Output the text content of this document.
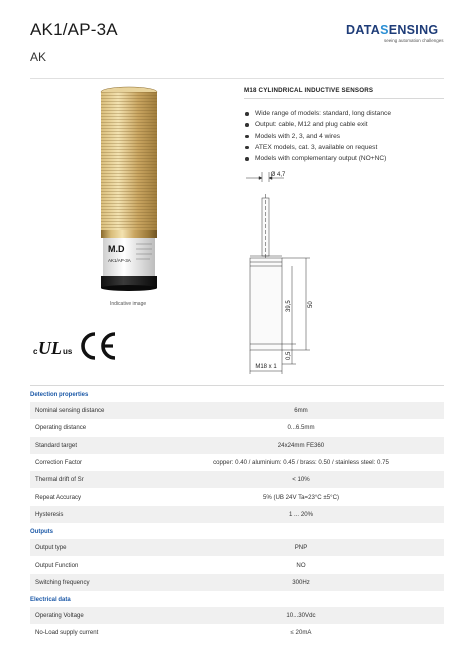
AK1/AP-3A
AK
DATASENSING
seeing automation challenges
M.D
AK1/AP-3A
Indicative image
c UL us
M18 CYLINDRICAL INDUCTIVE SENSORS
Wide range of models: standard, long distance
Output: cable, M12 and plug cable exit
Models with 2, 3, and 4 wires
ATEX models, cat. 3, available on request
Models with complementary output (NO+NC)
Ø 4,7
50
39,5
0,5
M18 x 1
Detection properties
Nominal sensing distance	6mm
Operating distance	0...6.5mm
Standard target	24x24mm FE360
Correction Factor	copper: 0.40 / aluminium: 0.45 / brass: 0.50 / stainless steel: 0.75
Thermal drift of Sr	< 10%
Repeat Accuracy	5% (UB 24V Ta=23°C ±5°C)
Hysteresis	1 ... 20%
Outputs
Output type	PNP
Output Function	NO
Switching frequency	300Hz
Electrical data
Operating Voltage	10...30Vdc
No-Load supply current	≤ 20mA
